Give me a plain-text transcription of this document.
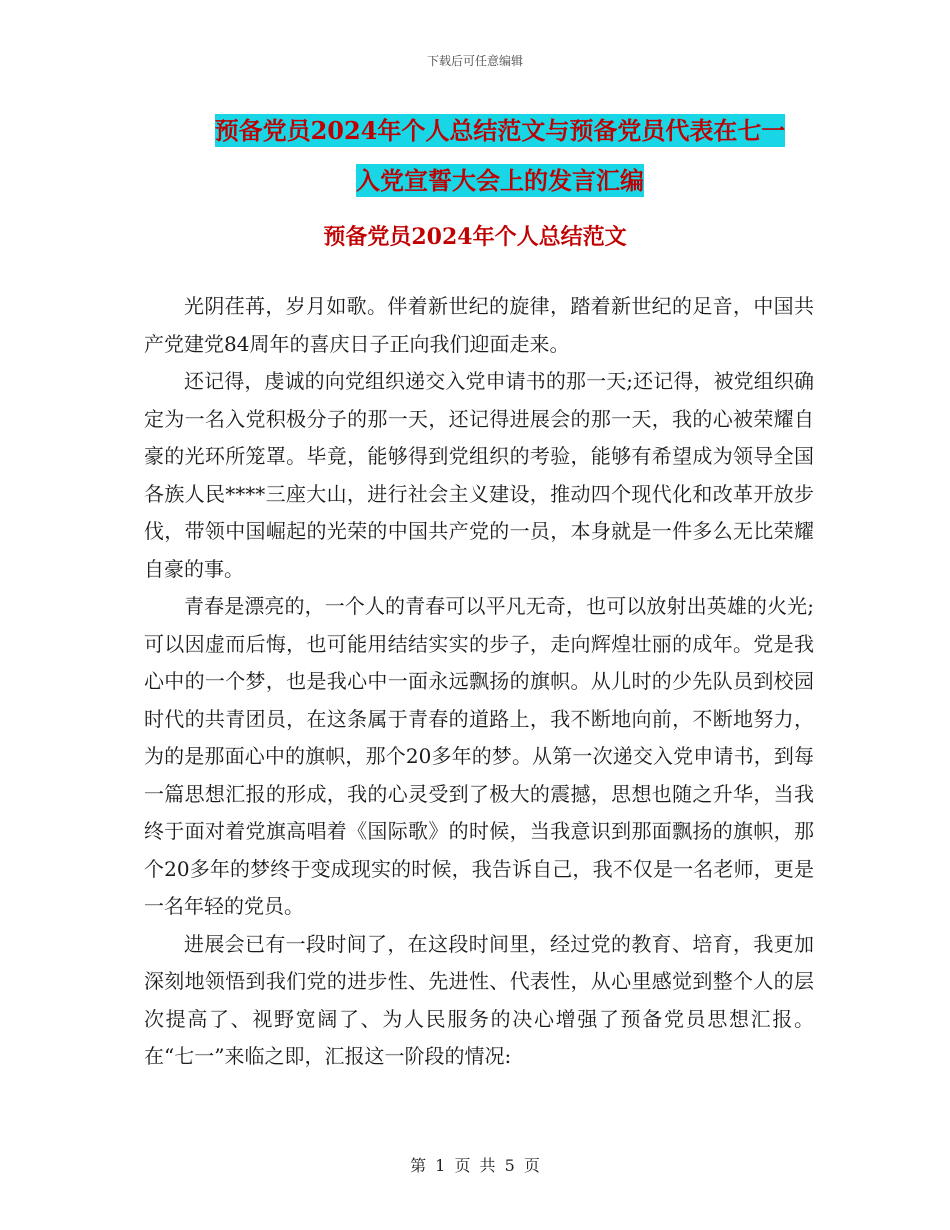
下载后可任意编辑
预备党员2024年个人总结范文与预备党员代表在七一
入党宣誓大会上的发言汇编
预备党员2024年个人总结范文

光阴荏苒，岁月如歌。伴着新世纪的旋律，踏着新世纪的足音，中国共产党建党84周年的喜庆日子正向我们迎面走来。

还记得，虔诚的向党组织递交入党申请书的那一天;还记得，被党组织确定为一名入党积极分子的那一天，还记得进展会的那一天，我的心被荣耀自豪的光环所笼罩。毕竟，能够得到党组织的考验，能够有希望成为领导全国各族人民****三座大山，进行社会主义建设，推动四个现代化和改革开放步伐，带领中国崛起的光荣的中国共产党的一员，本身就是一件多么无比荣耀自豪的事。

青春是漂亮的，一个人的青春可以平凡无奇，也可以放射出英雄的火光;可以因虚而后悔，也可能用结结实实的步子，走向辉煌壮丽的成年。党是我心中的一个梦，也是我心中一面永远飘扬的旗帜。从儿时的少先队员到校园时代的共青团员，在这条属于青春的道路上，我不断地向前，不断地努力，为的是那面心中的旗帜，那个20多年的梦。从第一次递交入党申请书，到每一篇思想汇报的形成，我的心灵受到了极大的震撼，思想也随之升华，当我终于面对着党旗高唱着《国际歌》的时候，当我意识到那面飘扬的旗帜，那个20多年的梦终于变成现实的时候，我告诉自己，我不仅是一名老师，更是一名年轻的党员。

进展会已有一段时间了，在这段时间里，经过党的教育、培育，我更加深刻地领悟到我们党的进步性、先进性、代表性，从心里感觉到整个人的层次提高了、视野宽阔了、为人民服务的决心增强了预备党员思想汇报。在“七一”来临之即，汇报这一阶段的情况:

第 1 页 共 5 页
